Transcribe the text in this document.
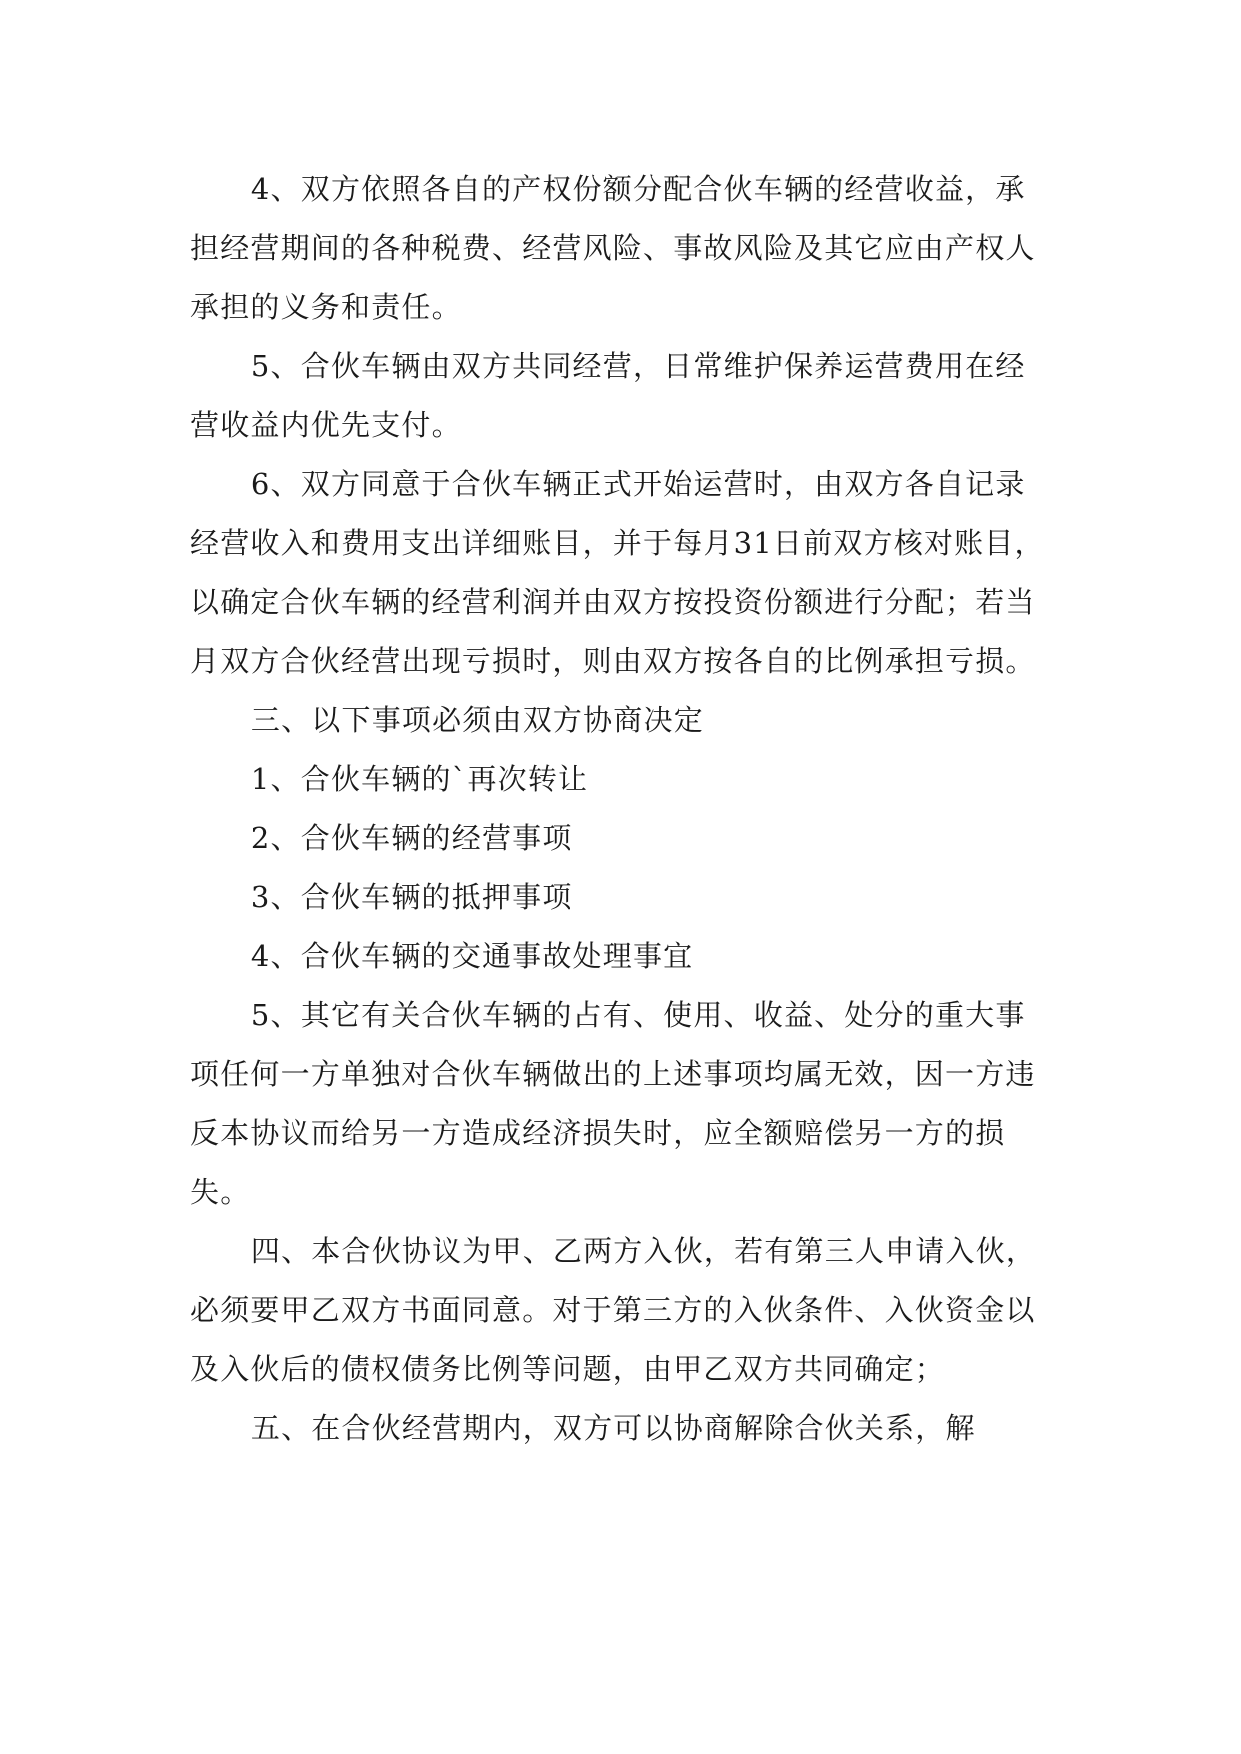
4、双方依照各自的产权份额分配合伙车辆的经营收益，承担经营期间的各种税费、经营风险、事故风险及其它应由产权人承担的义务和责任。

5、合伙车辆由双方共同经营，日常维护保养运营费用在经营收益内优先支付。

6、双方同意于合伙车辆正式开始运营时，由双方各自记录经营收入和费用支出详细账目，并于每月31日前双方核对账目，以确定合伙车辆的经营利润并由双方按投资份额进行分配；若当月双方合伙经营出现亏损时，则由双方按各自的比例承担亏损。

三、以下事项必须由双方协商决定

1、合伙车辆的`再次转让

2、合伙车辆的经营事项

3、合伙车辆的抵押事项

4、合伙车辆的交通事故处理事宜

5、其它有关合伙车辆的占有、使用、收益、处分的重大事项任何一方单独对合伙车辆做出的上述事项均属无效，因一方违反本协议而给另一方造成经济损失时，应全额赔偿另一方的损失。

四、本合伙协议为甲、乙两方入伙，若有第三人申请入伙，必须要甲乙双方书面同意。对于第三方的入伙条件、入伙资金以及入伙后的债权债务比例等问题，由甲乙双方共同确定；

五、在合伙经营期内，双方可以协商解除合伙关系，解
